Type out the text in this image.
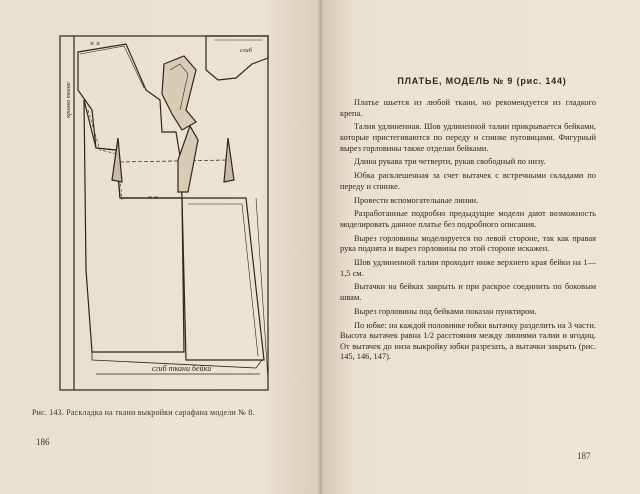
× ×
× ×
кромка ткани
сгиб
сгиб ткани бейки
Рис. 143. Раскладка на ткани выкройки сарафана модели № 8.
186
ПЛАТЬЕ, МОДЕЛЬ № 9 (рис. 144)

Платье шьется из любой ткани, но рекомендуется из гладкого крепа.

Талия удлиненная. Шов удлиненной талии прикрывается бейками, которые пристегиваются по переду и спинке пуговицами. Фигурный вырез горловины также отделан бейками.

Длина рукава три четверти, рукав свободный по низу.

Юбка расклешенная за счет вытачек с встречными складами по переду и спинке.

Провести вспомогательные линии.

Разработанные подробно предыдущие модели дают возможность моделировать данное платье без подробного описания.

Вырез горловины моделируется по левой стороне, так как правая рука поднята и вырез горловины по этой стороне искажен.

Шов удлиненной талии проходит ниже верхнего края бейки на 1—1,5 см.

Вытачки на бейках закрыть и при раскрое соединить по боковым швам.

Вырез горловины под бейками показан пунктиром.

По юбке: на каждой половинке юбки вытачку разделить на 3 части. Высота вытачек равна 1/2 расстояния между линиями талии и ягодиц. От вытачек до низа выкройку юбки разрезать, а вытачки закрыть (рис. 145, 146, 147).

187
